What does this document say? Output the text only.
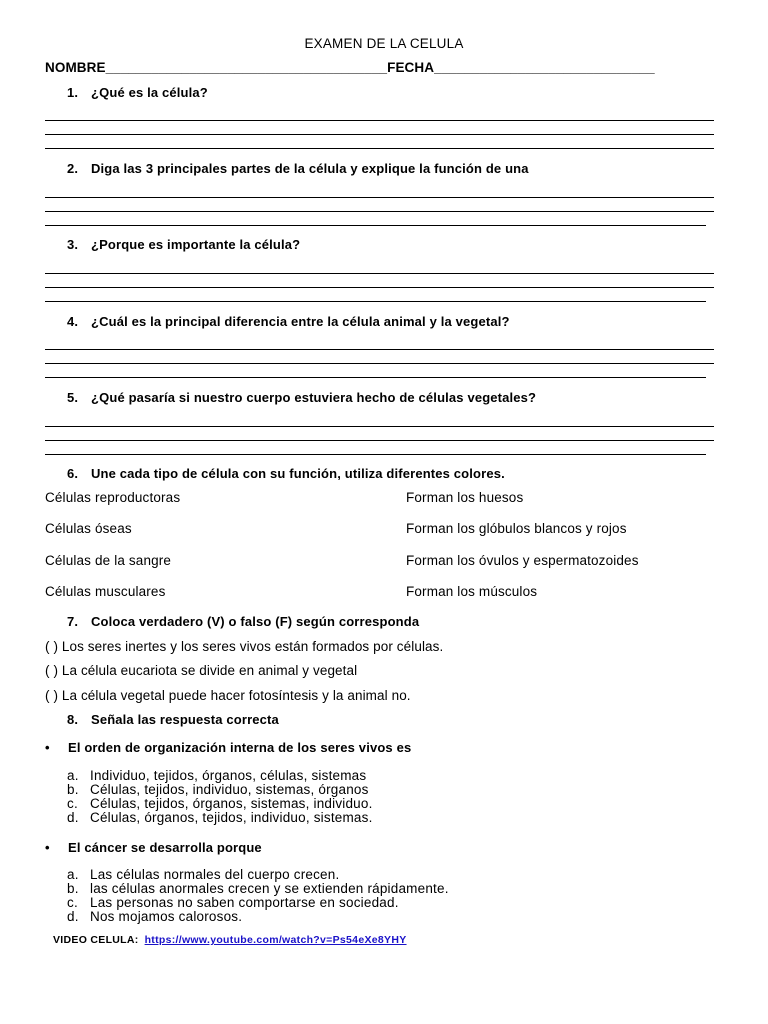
EXAMEN DE LA CELULA
NOMBRE_____________________________________FECHA_____________________________
1. ¿Qué es la célula?
2. Diga las 3 principales partes de la célula y explique la función de una
3. ¿Porque es importante la célula?
4. ¿Cuál es la principal diferencia entre la célula animal y la vegetal?
5. ¿Qué pasaría si nuestro cuerpo estuviera hecho de células vegetales?
6. Une cada tipo de célula con su función, utiliza diferentes colores.
Células reproductoras	Forman los huesos
Células óseas	Forman los glóbulos blancos y rojos
Células de la sangre	Forman los óvulos y espermatozoides
Células musculares	Forman los músculos
7. Coloca verdadero (V) o falso (F) según corresponda
( ) Los seres inertes y los seres vivos están formados por células.
( ) La célula eucariota se divide en animal y vegetal
( ) La célula vegetal puede hacer fotosíntesis y la animal no.
8. Señala las respuesta correcta
• El orden de organización interna de los seres vivos es
a. Individuo, tejidos, órganos, células, sistemas
b. Células, tejidos, individuo, sistemas, órganos
c. Células, tejidos, órganos, sistemas, individuo.
d. Células, órganos, tejidos, individuo, sistemas.
• El cáncer se desarrolla porque
a. Las células normales del cuerpo crecen.
b. las células anormales crecen y se extienden rápidamente.
c. Las personas no saben comportarse en sociedad.
d. Nos mojamos calorosos.
VIDEO CELULA: https://www.youtube.com/watch?v=Ps54eXe8YHY
